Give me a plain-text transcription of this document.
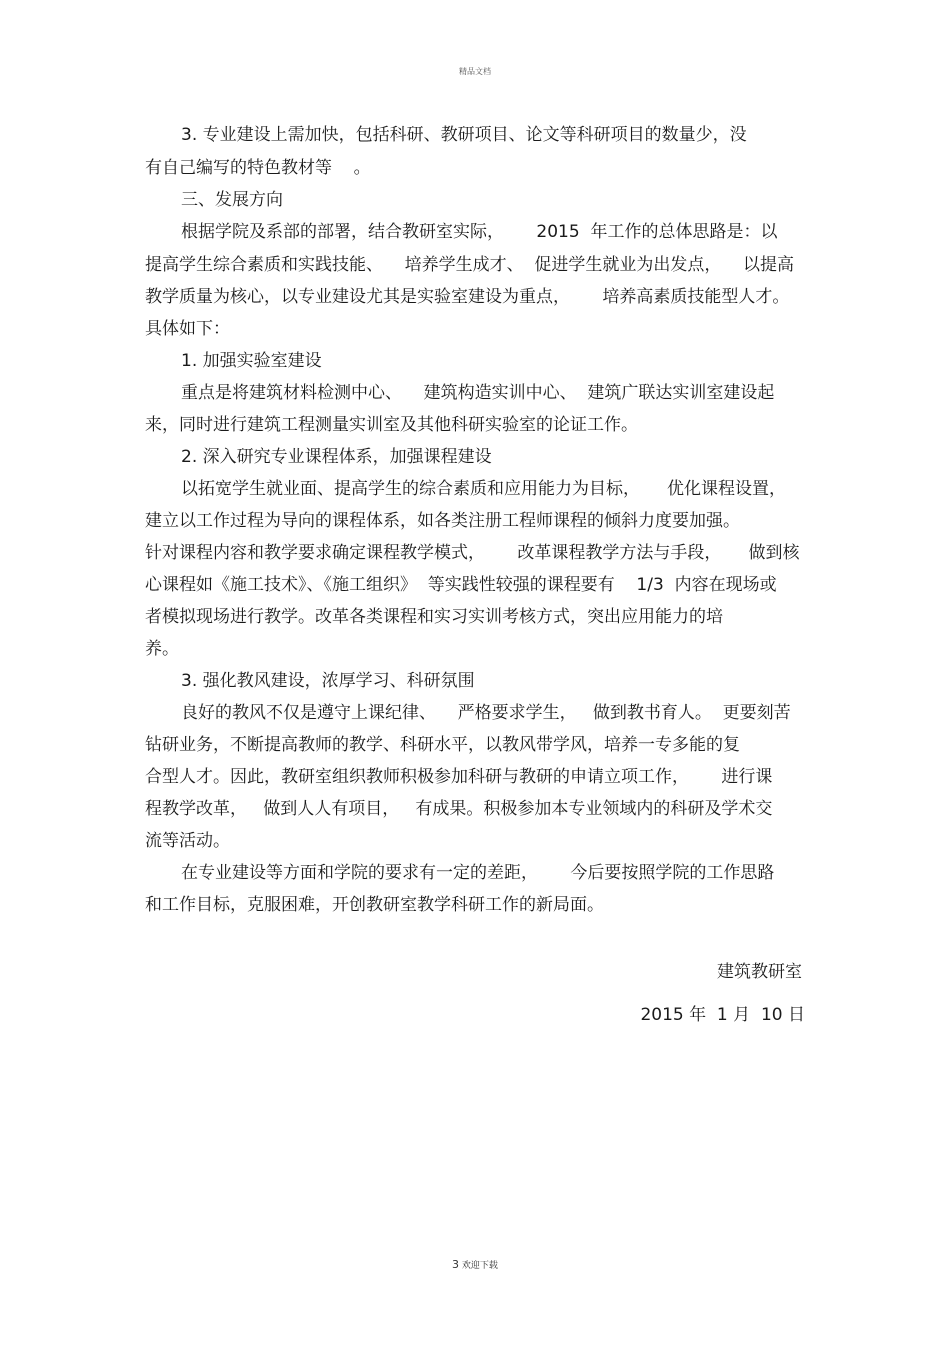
精品文档
3. 专业建设上需加快，包括科研、教研项目、论文等科研项目的数量少，没
有自己编写的特色教材等    。
三、发展方向
根据学院及系部的部署，结合教研室实际，      2015  年工作的总体思路是：以
提高学生综合素质和实践技能、    培养学生成才、  促进学生就业为出发点，    以提高
教学质量为核心，以专业建设尤其是实验室建设为重点，      培养高素质技能型人才。
具体如下：
1. 加强实验室建设
重点是将建筑材料检测中心、    建筑构造实训中心、  建筑广联达实训室建设起
来，同时进行建筑工程测量实训室及其他科研实验室的论证工作。
2. 深入研究专业课程体系，加强课程建设
以拓宽学生就业面、提高学生的综合素质和应用能力为目标，     优化课程设置，
建立以工作过程为导向的课程体系，如各类注册工程师课程的倾斜力度要加强。
针对课程内容和教学要求确定课程教学模式，      改革课程教学方法与手段，     做到核
心课程如《施工技术》、《施工组织》  等实践性较强的课程要有    1/3  内容在现场或
者模拟现场进行教学。改革各类课程和实习实训考核方式，突出应用能力的培
养。
3. 强化教风建设，浓厚学习、科研氛围
良好的教风不仅是遵守上课纪律、    严格要求学生，   做到教书育人。  更要刻苦
钻研业务，不断提高教师的教学、科研水平，以教风带学风，培养一专多能的复
合型人才。因此，教研室组织教师积极参加科研与教研的申请立项工作，      进行课
程教学改革，   做到人人有项目，   有成果。积极参加本专业领域内的科研及学术交
流等活动。
在专业建设等方面和学院的要求有一定的差距，      今后要按照学院的工作思路
和工作目标，克服困难，开创教研室教学科研工作的新局面。
建筑教研室
2015 年  1 月  10 日
3 欢迎下载
